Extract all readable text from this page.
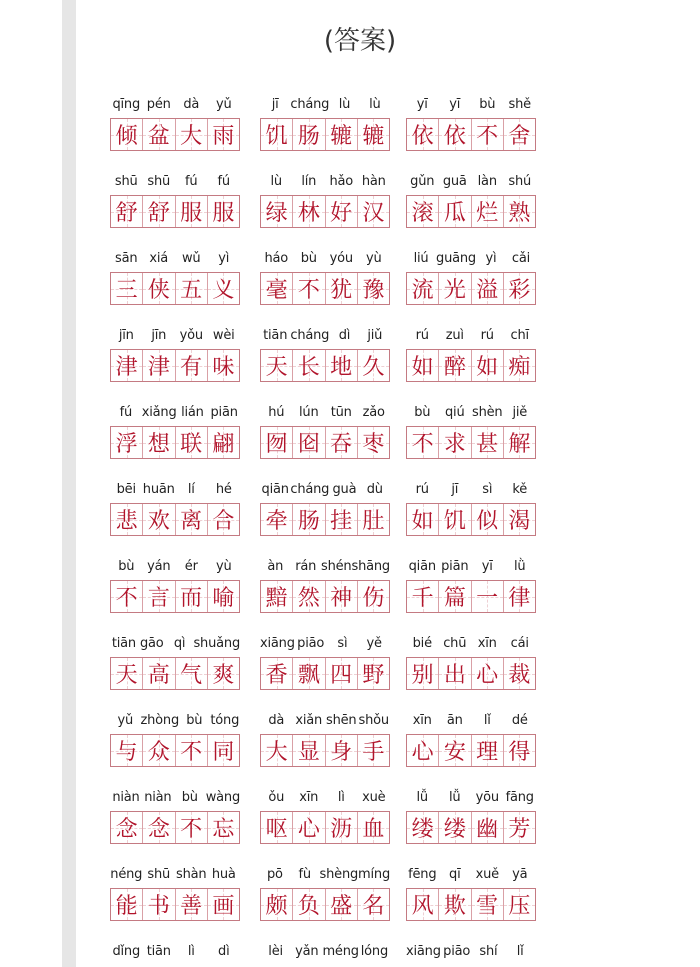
(答案)
qīng pén dà	yǔ
倾 盆 大 雨
jī cháng lù	lù
饥 肠 辘 辘
yī	yī	bù	shě
依 依 不 舍
shū shū	fú	fú
舒 舒 服 服
lù	lín	hǎo hàn
绿 林 好 汉
gǔn guā làn shú
滚 瓜 烂 熟
sān xiá	wǔ	yì
三 侠 五 义
háo bù yóu	yù
毫 不 犹 豫
liú guāng yì	cǎi
流 光 溢 彩
jīn	jīn	yǒu wèi
津 津 有 味
tiān cháng dì	jiǔ
天 长 地 久
rú	zuì	rú	chī
如 醉 如 痴
fú xiǎng lián piān
浮 想 联 翩
hú	lún tūn zǎo
囫 囵 吞 枣
bù	qiú shèn jiě
不 求 甚 解
bēi huān	lí	hé
悲 欢 离 合
qiān cháng guà dù
牵 肠 挂 肚
rú	jī	sì	kě
如 饥 似 渴
bù yán	ér	yù
不 言 而 喻
àn rán shén shāng
黯 然 神 伤
qiān piān	yī	lǜ
千 篇 一 律
tiān gāo qì shuǎng
天 高 气 爽
xiāng piāo	sì	yě
香 飘 四 野
bié chū xīn	cái
别 出 心 裁
yǔ zhòng bù tóng
与 众 不 同
dà xiǎn shēn shǒu
大 显 身 手
xīn	ān	lǐ	dé
心 安 理 得
niàn niàn bù wàng
念 念 不 忘
ǒu	xīn	lì	xuè
呕 心 沥 血
lǚ	lǚ	yōu fāng
缕 缕 幽 芳
néng shū shàn huà
能 书 善 画
pō	fù shèng míng
颇 负 盛 名
fēng qī	xuě	yā
风 欺 雪 压
dǐng tiān	lì	dì	lèi yǎn méng lóng xiāng piāo shí	lǐ
